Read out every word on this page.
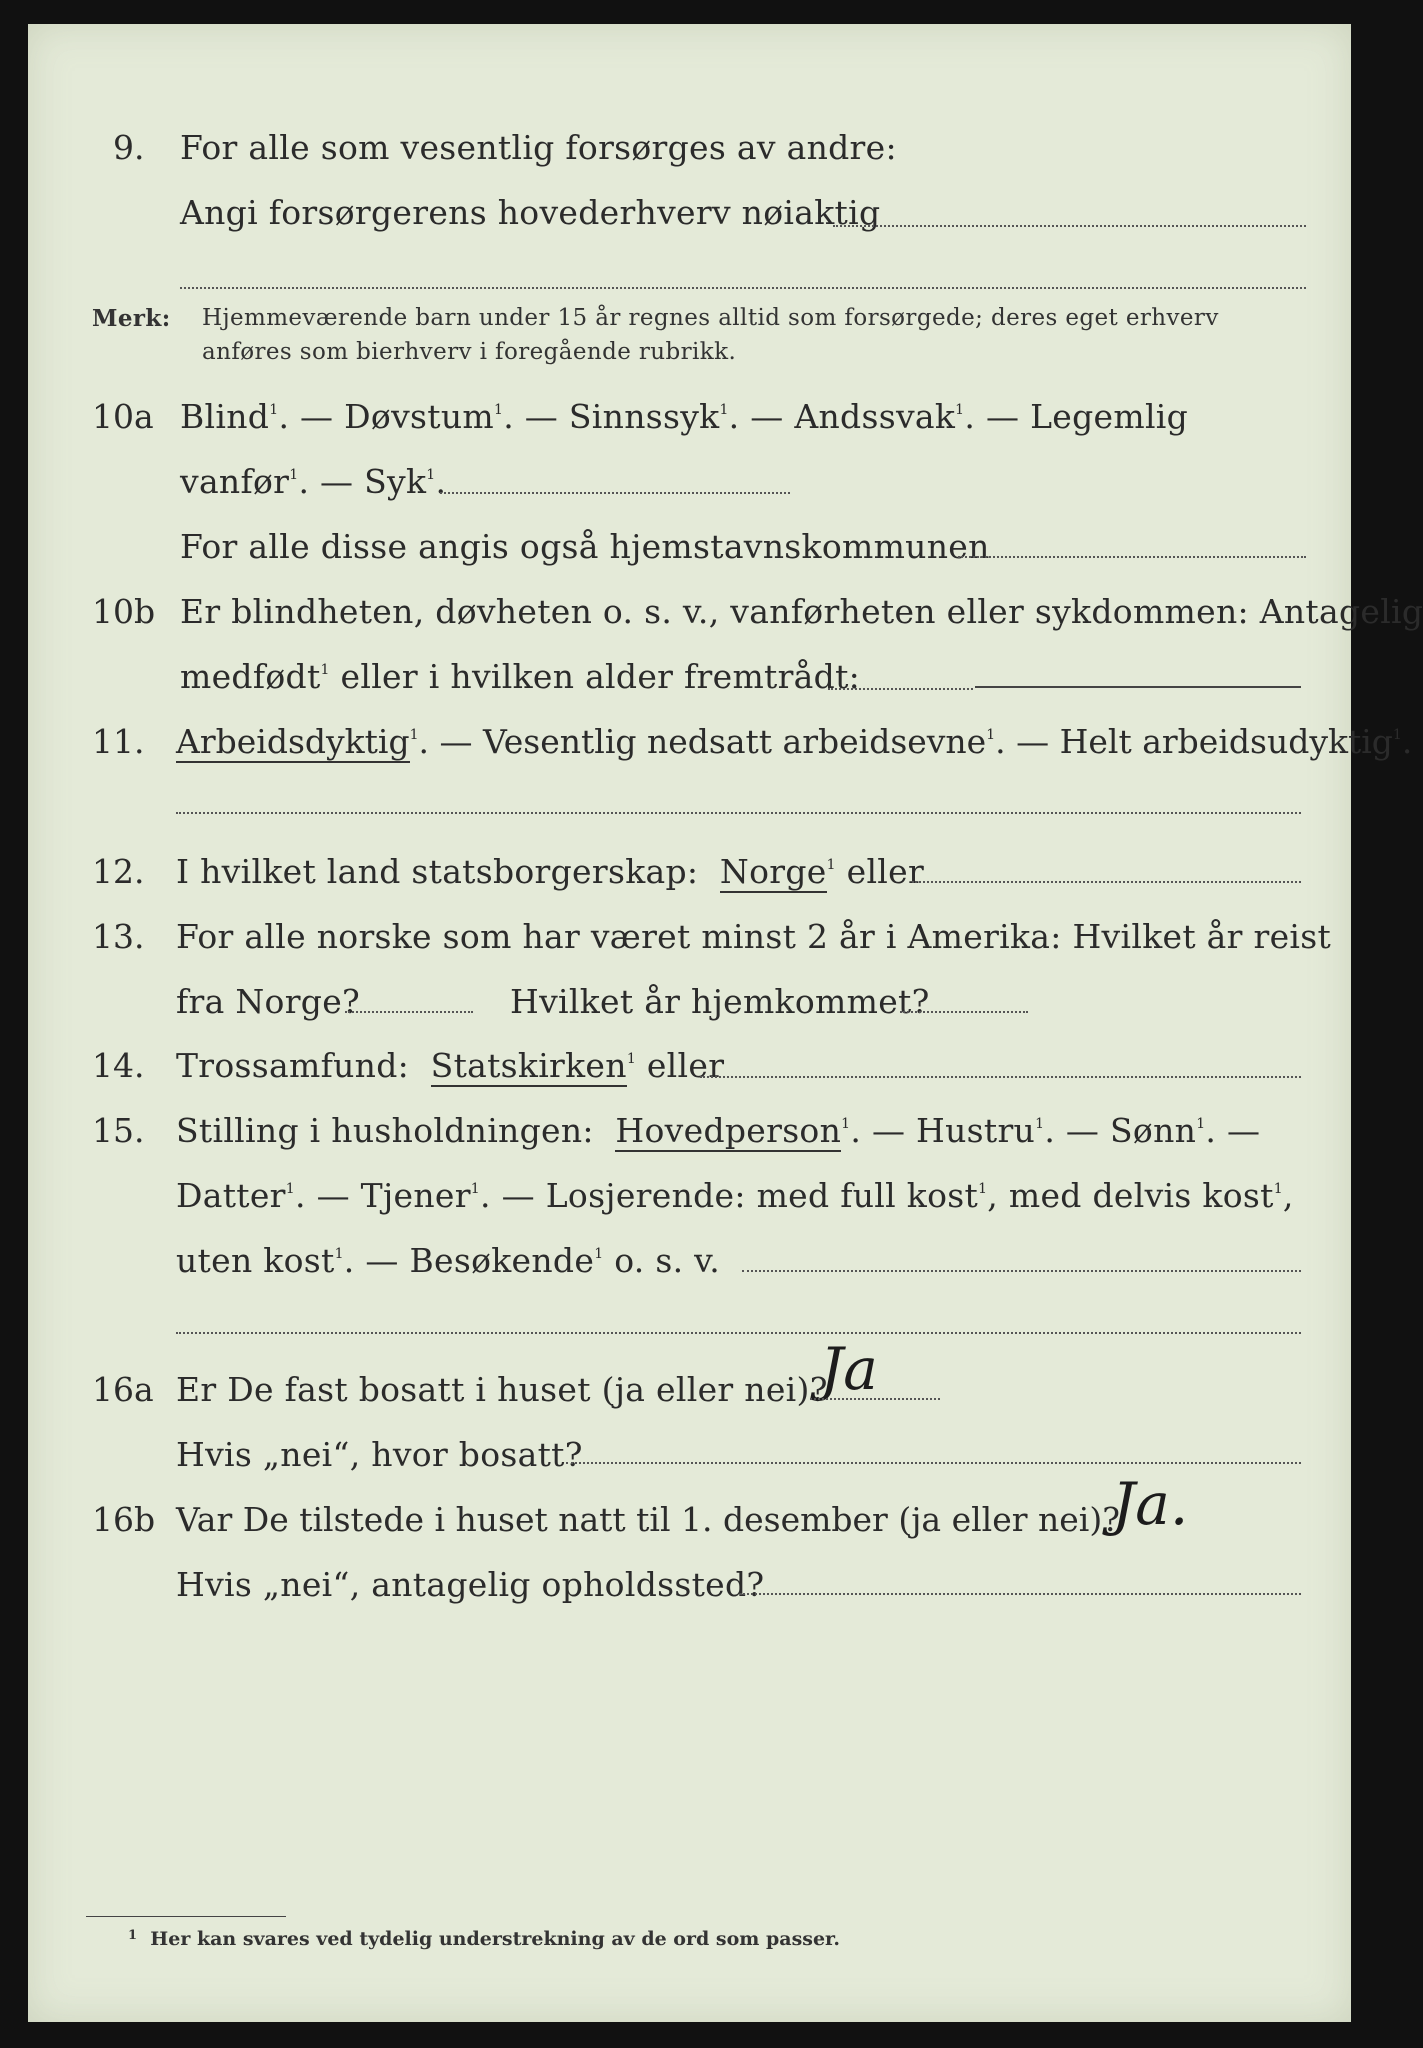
9. For alle som vesentlig forsørges av andre:
Angi forsørgerens hovederhverv nøiaktig
Merk: Hjemmeværende barn under 15 år regnes alltid som forsørgede; deres eget erhverv
anføres som bierhverv i foregående rubrikk.
10a Blind$^1$. — Døvstum$^1$. — Sinnssyk$^1$. — Andssvak$^1$. — Legemlig
vanfør$^1$. — Syk$^1$.
For alle disse angis også hjemstavnskommunen
10b Er blindheten, døvheten o. s. v., vanførheten eller sykdommen: Antagelig
medfødt$^1$ eller i hvilken alder fremtrådt:
11. Arbeidsdyktig$^1$. — Vesentlig nedsatt arbeidsevne$^1$. — Helt arbeidsudyktig$^1$.
12. I hvilket land statsborgerskap: Norge$^1$ eller
13. For alle norske som har været minst 2 år i Amerika: Hvilket år reist
fra Norge?	Hvilket år hjemkommet?
14. Trossamfund: Statskirken$^1$ eller
15. Stilling i husholdningen: Hovedperson$^1$. — Hustru$^1$. — Sønn$^1$. —
Datter$^1$. — Tjener$^1$. — Losjerende: med full kost$^1$, med delvis kost$^1$,
uten kost$^1$. — Besøkende$^1$ o. s. v.
16a Er De fast bosatt i huset (ja eller nei)?
Ja
Hvis „nei“, hvor bosatt?
16b Var De tilstede i huset natt til 1. desember (ja eller nei)?
Ja.
Hvis „nei“, antagelig opholdssted?
$^1$ Her kan svares ved tydelig understrekning av de ord som passer.
